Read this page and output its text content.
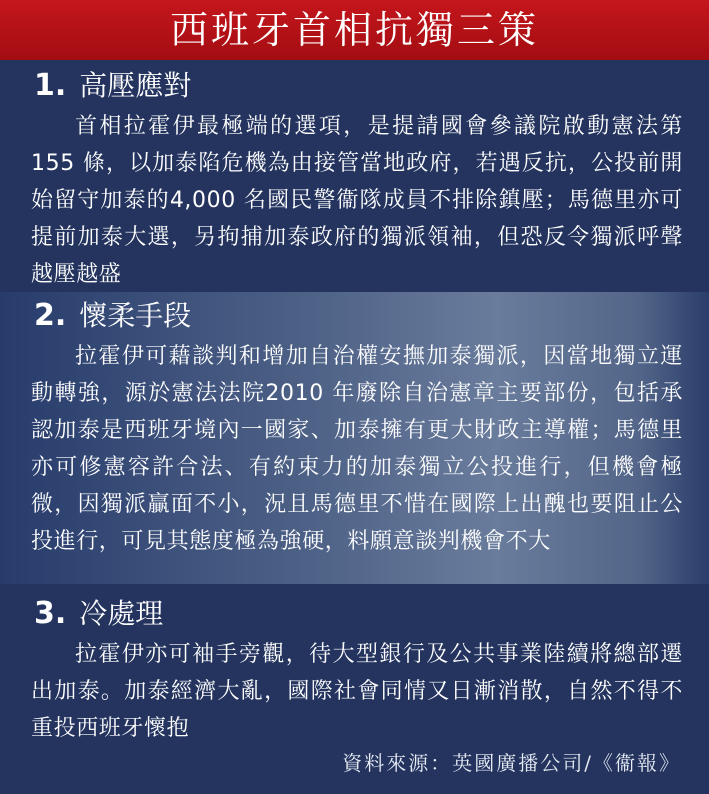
西班牙首相抗獨三策
1. 高壓應對
首相拉霍伊最極端的選項，是提請國會參議院啟動憲法第 155 條，以加泰陷危機為由接管當地政府，若遇反抗，公投前開始留守加泰的4,000 名國民警衞隊成員不排除鎮壓；馬德里亦可提前加泰大選，另拘捕加泰政府的獨派領袖，但恐反令獨派呼聲越壓越盛
2. 懷柔手段
拉霍伊可藉談判和增加自治權安撫加泰獨派，因當地獨立運動轉強，源於憲法法院2010 年廢除自治憲章主要部份，包括承認加泰是西班牙境內一國家、加泰擁有更大財政主導權；馬德里亦可修憲容許合法、有約束力的加泰獨立公投進行，但機會極微，因獨派贏面不小，況且馬德里不惜在國際上出醜也要阻止公投進行，可見其態度極為強硬，料願意談判機會不大
3. 冷處理
拉霍伊亦可袖手旁觀，待大型銀行及公共事業陸續將總部遷出加泰。加泰經濟大亂，國際社會同情又日漸消散，自然不得不重投西班牙懷抱
資料來源：英國廣播公司/《衞報》
